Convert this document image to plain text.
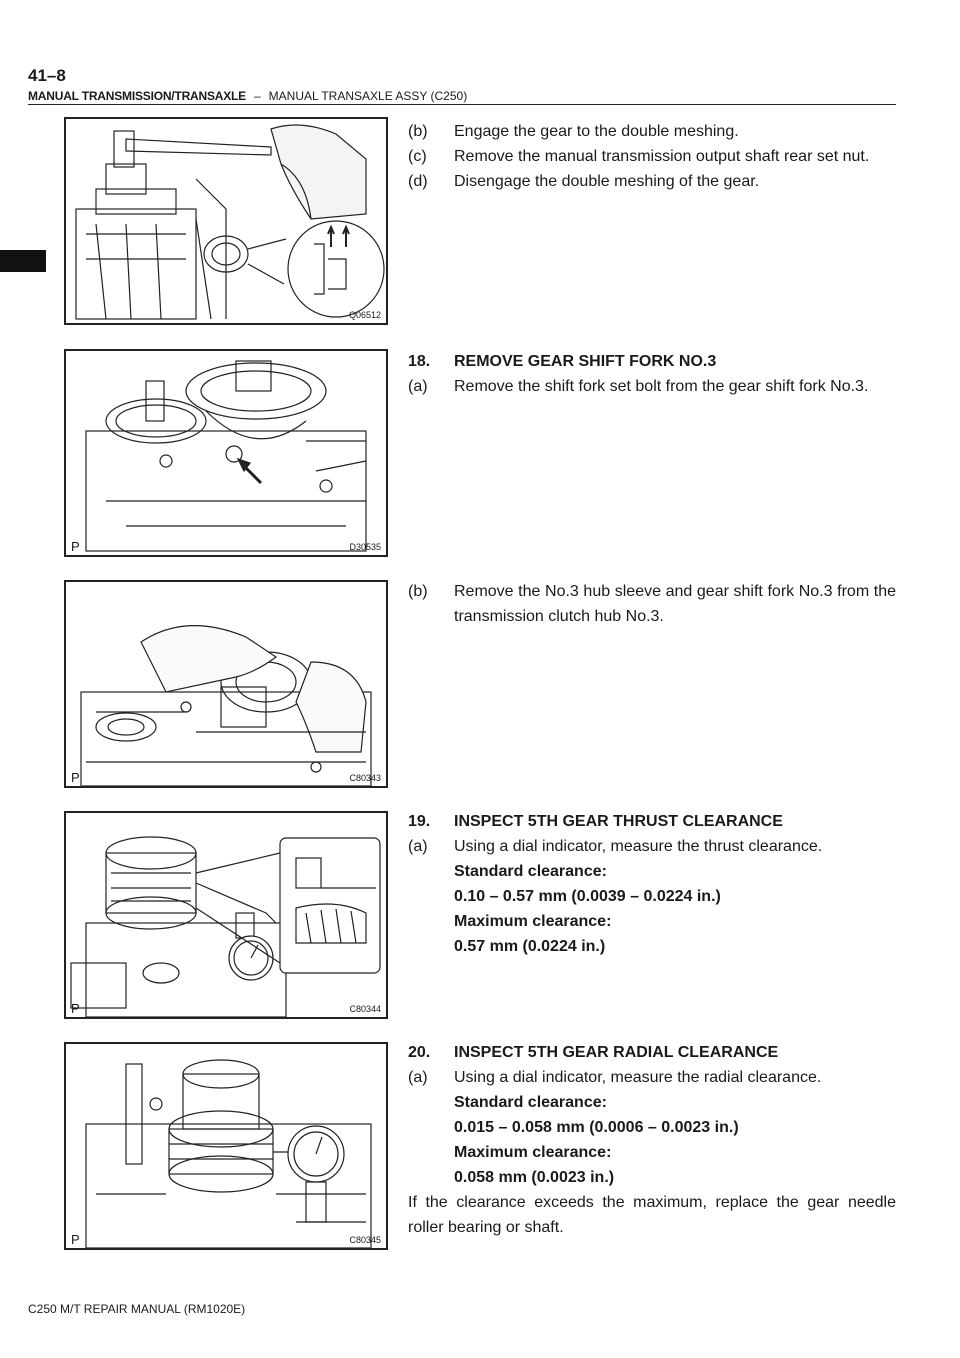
41–8
MANUAL TRANSMISSION/TRANSAXLE – MANUAL TRANSAXLE ASSY (C250)
Q06512
P	D30535
P	C80343
P	C80344
P	C80345
(b)	Engage the gear to the double meshing.
(c)	Remove the manual transmission output shaft rear set nut.
(d)	Disengage the double meshing of the gear.
18.	REMOVE GEAR SHIFT FORK NO.3
(a)	Remove the shift fork set bolt from the gear shift fork No.3.
(b)	Remove the No.3 hub sleeve and gear shift fork No.3 from the transmission clutch hub No.3.
19.	INSPECT 5TH GEAR THRUST CLEARANCE
(a)	Using a dial indicator, measure the thrust clearance.
Standard clearance:
0.10 – 0.57 mm (0.0039 – 0.0224 in.)
Maximum clearance:
0.57 mm (0.0224 in.)
20.	INSPECT 5TH GEAR RADIAL CLEARANCE
(a)	Using a dial indicator, measure the radial clearance.
Standard clearance:
0.015 – 0.058 mm (0.0006 – 0.0023 in.)
Maximum clearance:
0.058 mm (0.0023 in.)
If the clearance exceeds the maximum, replace the gear needle roller bearing or shaft.
C250 M/T REPAIR MANUAL (RM1020E)
